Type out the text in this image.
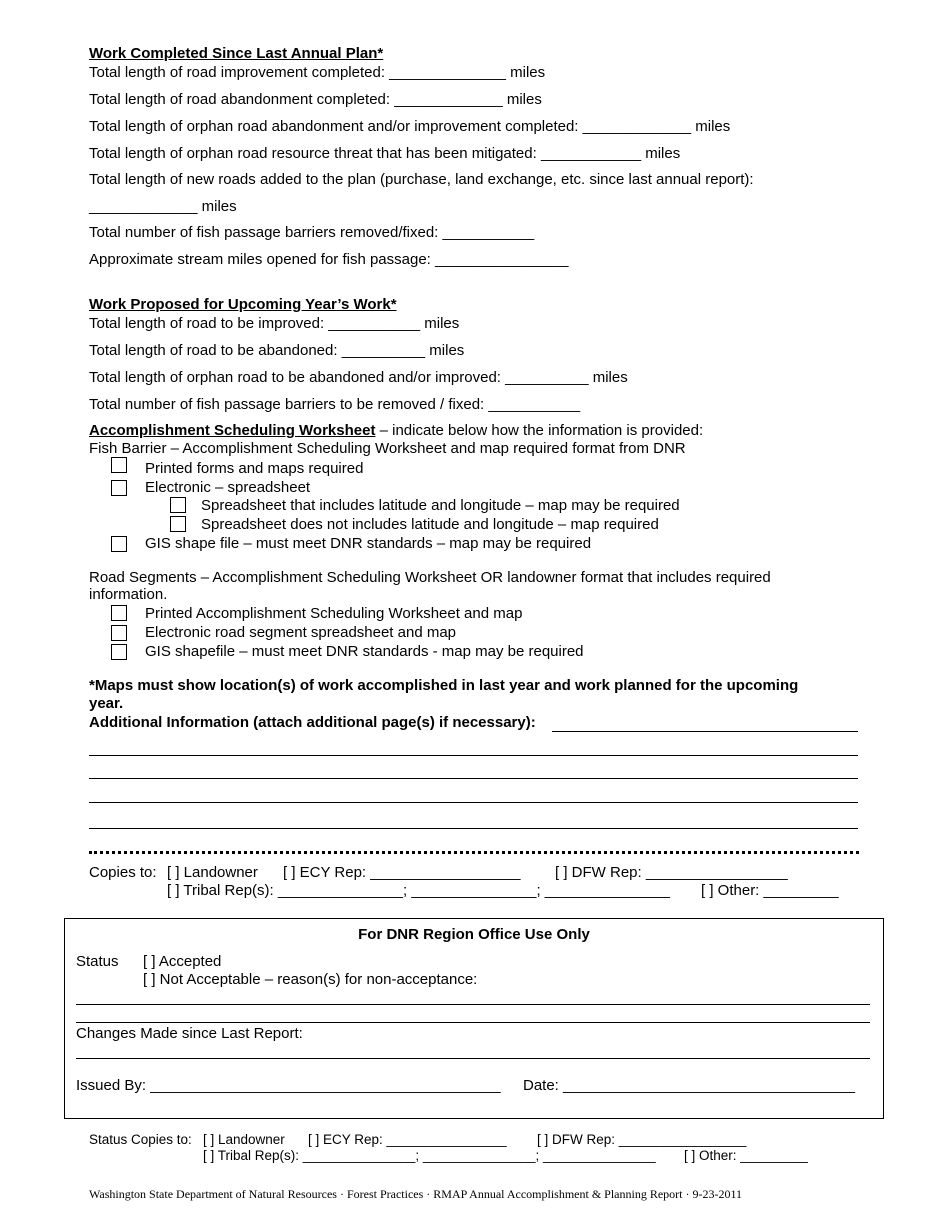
Work Completed Since Last Annual Plan*
Total length of road improvement completed: ______________ miles
Total length of road abandonment completed: _____________ miles
Total length of orphan road abandonment and/or improvement completed: _____________ miles
Total length of orphan road resource threat that has been mitigated: ____________ miles
Total length of new roads added to the plan (purchase, land exchange, etc. since last annual report):
_____________ miles
Total number of fish passage barriers removed/fixed: ___________
Approximate stream miles opened for fish passage: ________________
Work Proposed for Upcoming Year’s Work*
Total length of road to be improved: ___________ miles
Total length of road to be abandoned: __________ miles
Total length of orphan road to be abandoned and/or improved: __________ miles
Total number of fish passage barriers to be removed / fixed: ___________
Accomplishment Scheduling Worksheet – indicate below how the information is provided:
Fish Barrier – Accomplishment Scheduling Worksheet and map required format from DNR
Printed forms and maps required
Electronic – spreadsheet
Spreadsheet that includes latitude and longitude – map may be required
Spreadsheet does not includes latitude and longitude – map required
GIS shape file – must meet DNR standards – map may be required
Road Segments – Accomplishment Scheduling Worksheet OR landowner format that includes required
information.
Printed Accomplishment Scheduling Worksheet and map
Electronic road segment spreadsheet and map
GIS shapefile – must meet DNR standards - map may be required
*Maps must show location(s) of work accomplished in last year and work planned for the upcoming
year.
Additional Information (attach additional page(s) if necessary):
Copies to: [ ] Landowner [ ] ECY Rep: __________________ [ ] DFW Rep: _________________
[ ] Tribal Rep(s): _______________; _______________; _______________ [ ] Other: _________
For DNR Region Office Use Only
Status [ ] Accepted
[ ] Not Acceptable – reason(s) for non-acceptance:
Changes Made since Last Report:
Issued By: __________________________________________ Date: ___________________________________
Status Copies to: [ ] Landowner [ ] ECY Rep: ________________ [ ] DFW Rep: _________________
[ ] Tribal Rep(s): _______________; _______________; _______________ [ ] Other: _________
Washington State Department of Natural Resources · Forest Practices · RMAP Annual Accomplishment & Planning Report · 9-23-2011
